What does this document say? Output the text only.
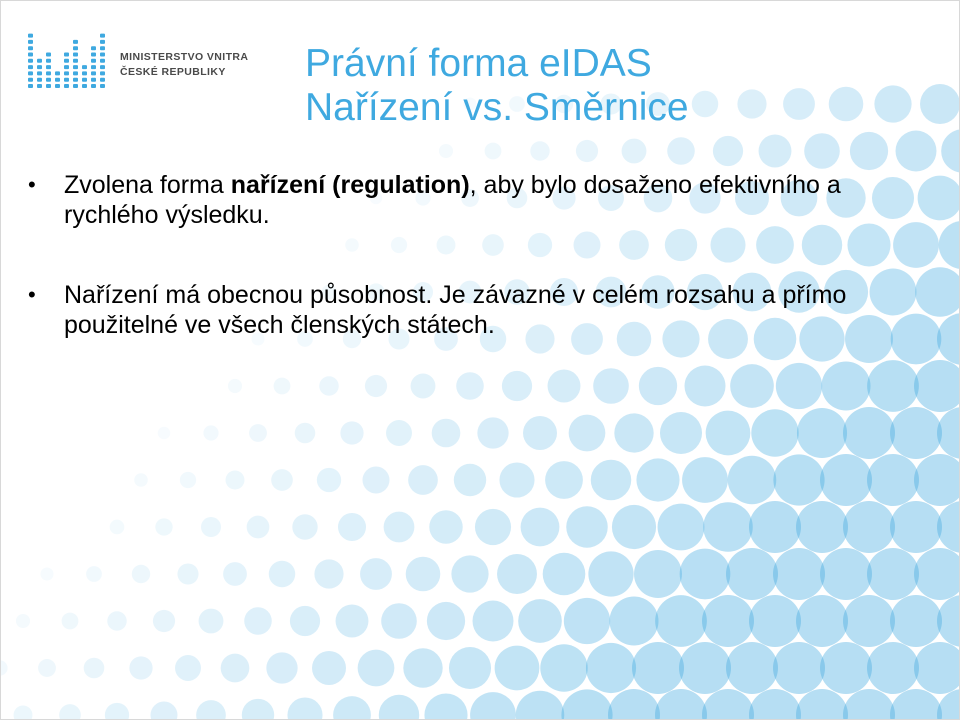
MINISTERSTVO VNITRA
ČESKÉ REPUBLIKY	Právní forma eIDAS
Nařízení vs. Směrnice
• Zvolena forma nařízení (regulation), aby bylo dosaženo efektivního a rychlého výsledku.
• Nařízení má obecnou působnost. Je závazné v celém rozsahu a přímo použitelné ve všech členských státech.
